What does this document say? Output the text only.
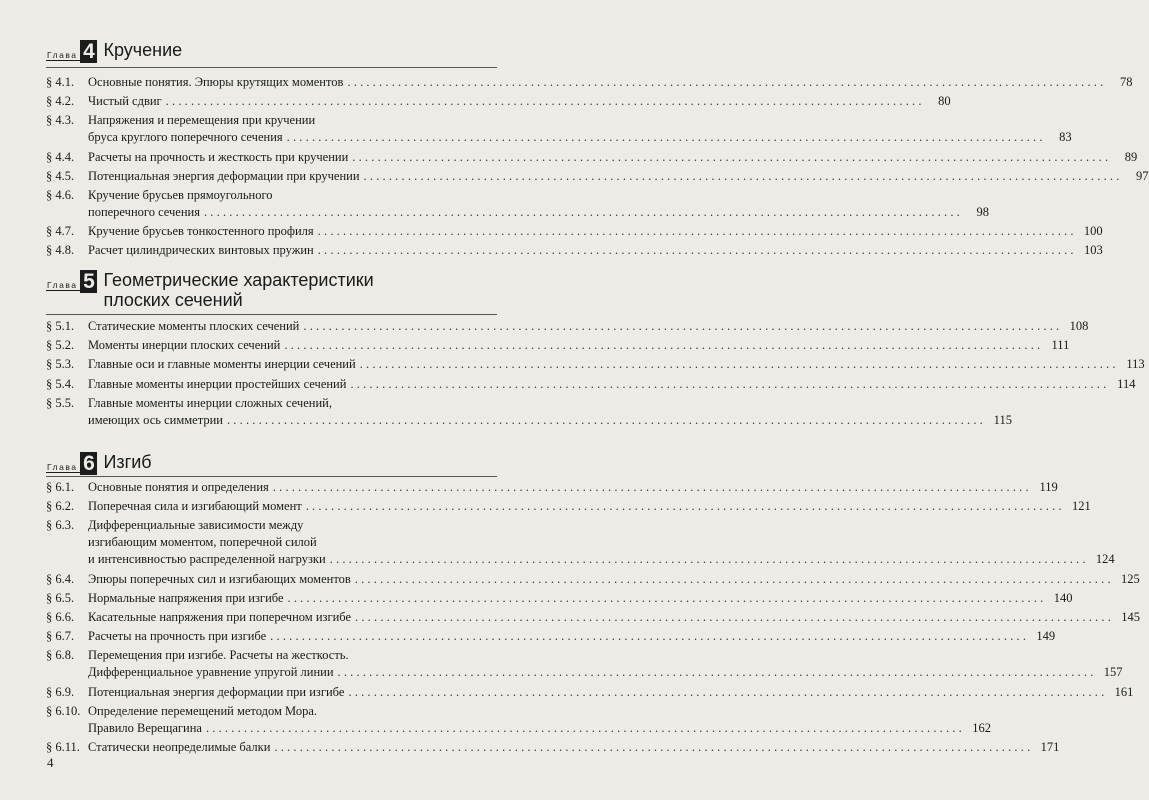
Глава 4 Кручение
§ 4.1.	Основные понятия. Эпюры крутящих моментов ........................................................................................................................	78
§ 4.2.	Чистый сдвиг ........................................................................................................................	80
§ 4.3.	Напряжения и перемещения при кручении
бруса круглого поперечного сечения ........................................................................................................................	83
§ 4.4.	Расчеты на прочность и жесткость при кручении ........................................................................................................................	89
§ 4.5.	Потенциальная энергия деформации при кручении ........................................................................................................................	97
§ 4.6.	Кручение брусьев прямоугольного
поперечного сечения ........................................................................................................................	98
§ 4.7.	Кручение брусьев тонкостенного профиля ........................................................................................................................ 100
§ 4.8.	Расчет цилиндрических винтовых пружин ........................................................................................................................ 103
Глава 5 Геометрические характеристики
плоских сечений
§ 5.1.	Статические моменты плоских сечений ........................................................................................................................ 108
§ 5.2.	Моменты инерции плоских сечений ........................................................................................................................ 111
§ 5.3.	Главные оси и главные моменты инерции сечений ........................................................................................................................ 113
§ 5.4.	Главные моменты инерции простейших сечений ........................................................................................................................ 114
§ 5.5.	Главные моменты инерции сложных сечений,
имеющих ось симметрии ........................................................................................................................ 115
Глава 6 Изгиб
§ 6.1.	Основные понятия и определения ........................................................................................................................ 119
§ 6.2.	Поперечная сила и изгибающий момент ........................................................................................................................ 121
§ 6.3.	Дифференциальные зависимости между
изгибающим моментом, поперечной силой
и интенсивностью распределенной нагрузки ........................................................................................................................ 124
§ 6.4.	Эпюры поперечных сил и изгибающих моментов ........................................................................................................................ 125
§ 6.5.	Нормальные напряжения при изгибе ........................................................................................................................ 140
§ 6.6.	Касательные напряжения при поперечном изгибе ........................................................................................................................ 145
§ 6.7.	Расчеты на прочность при изгибе ........................................................................................................................ 149
§ 6.8.	Перемещения при изгибе. Расчеты на жесткость.
Дифференциальное уравнение упругой линии ........................................................................................................................ 157
§ 6.9.	Потенциальная энергия деформации при изгибе ........................................................................................................................ 161
§ 6.10. Определение перемещений методом Мора.
Правило Верещагина ........................................................................................................................ 162
§ 6.11. Статически неопределимые балки ........................................................................................................................ 171
4
